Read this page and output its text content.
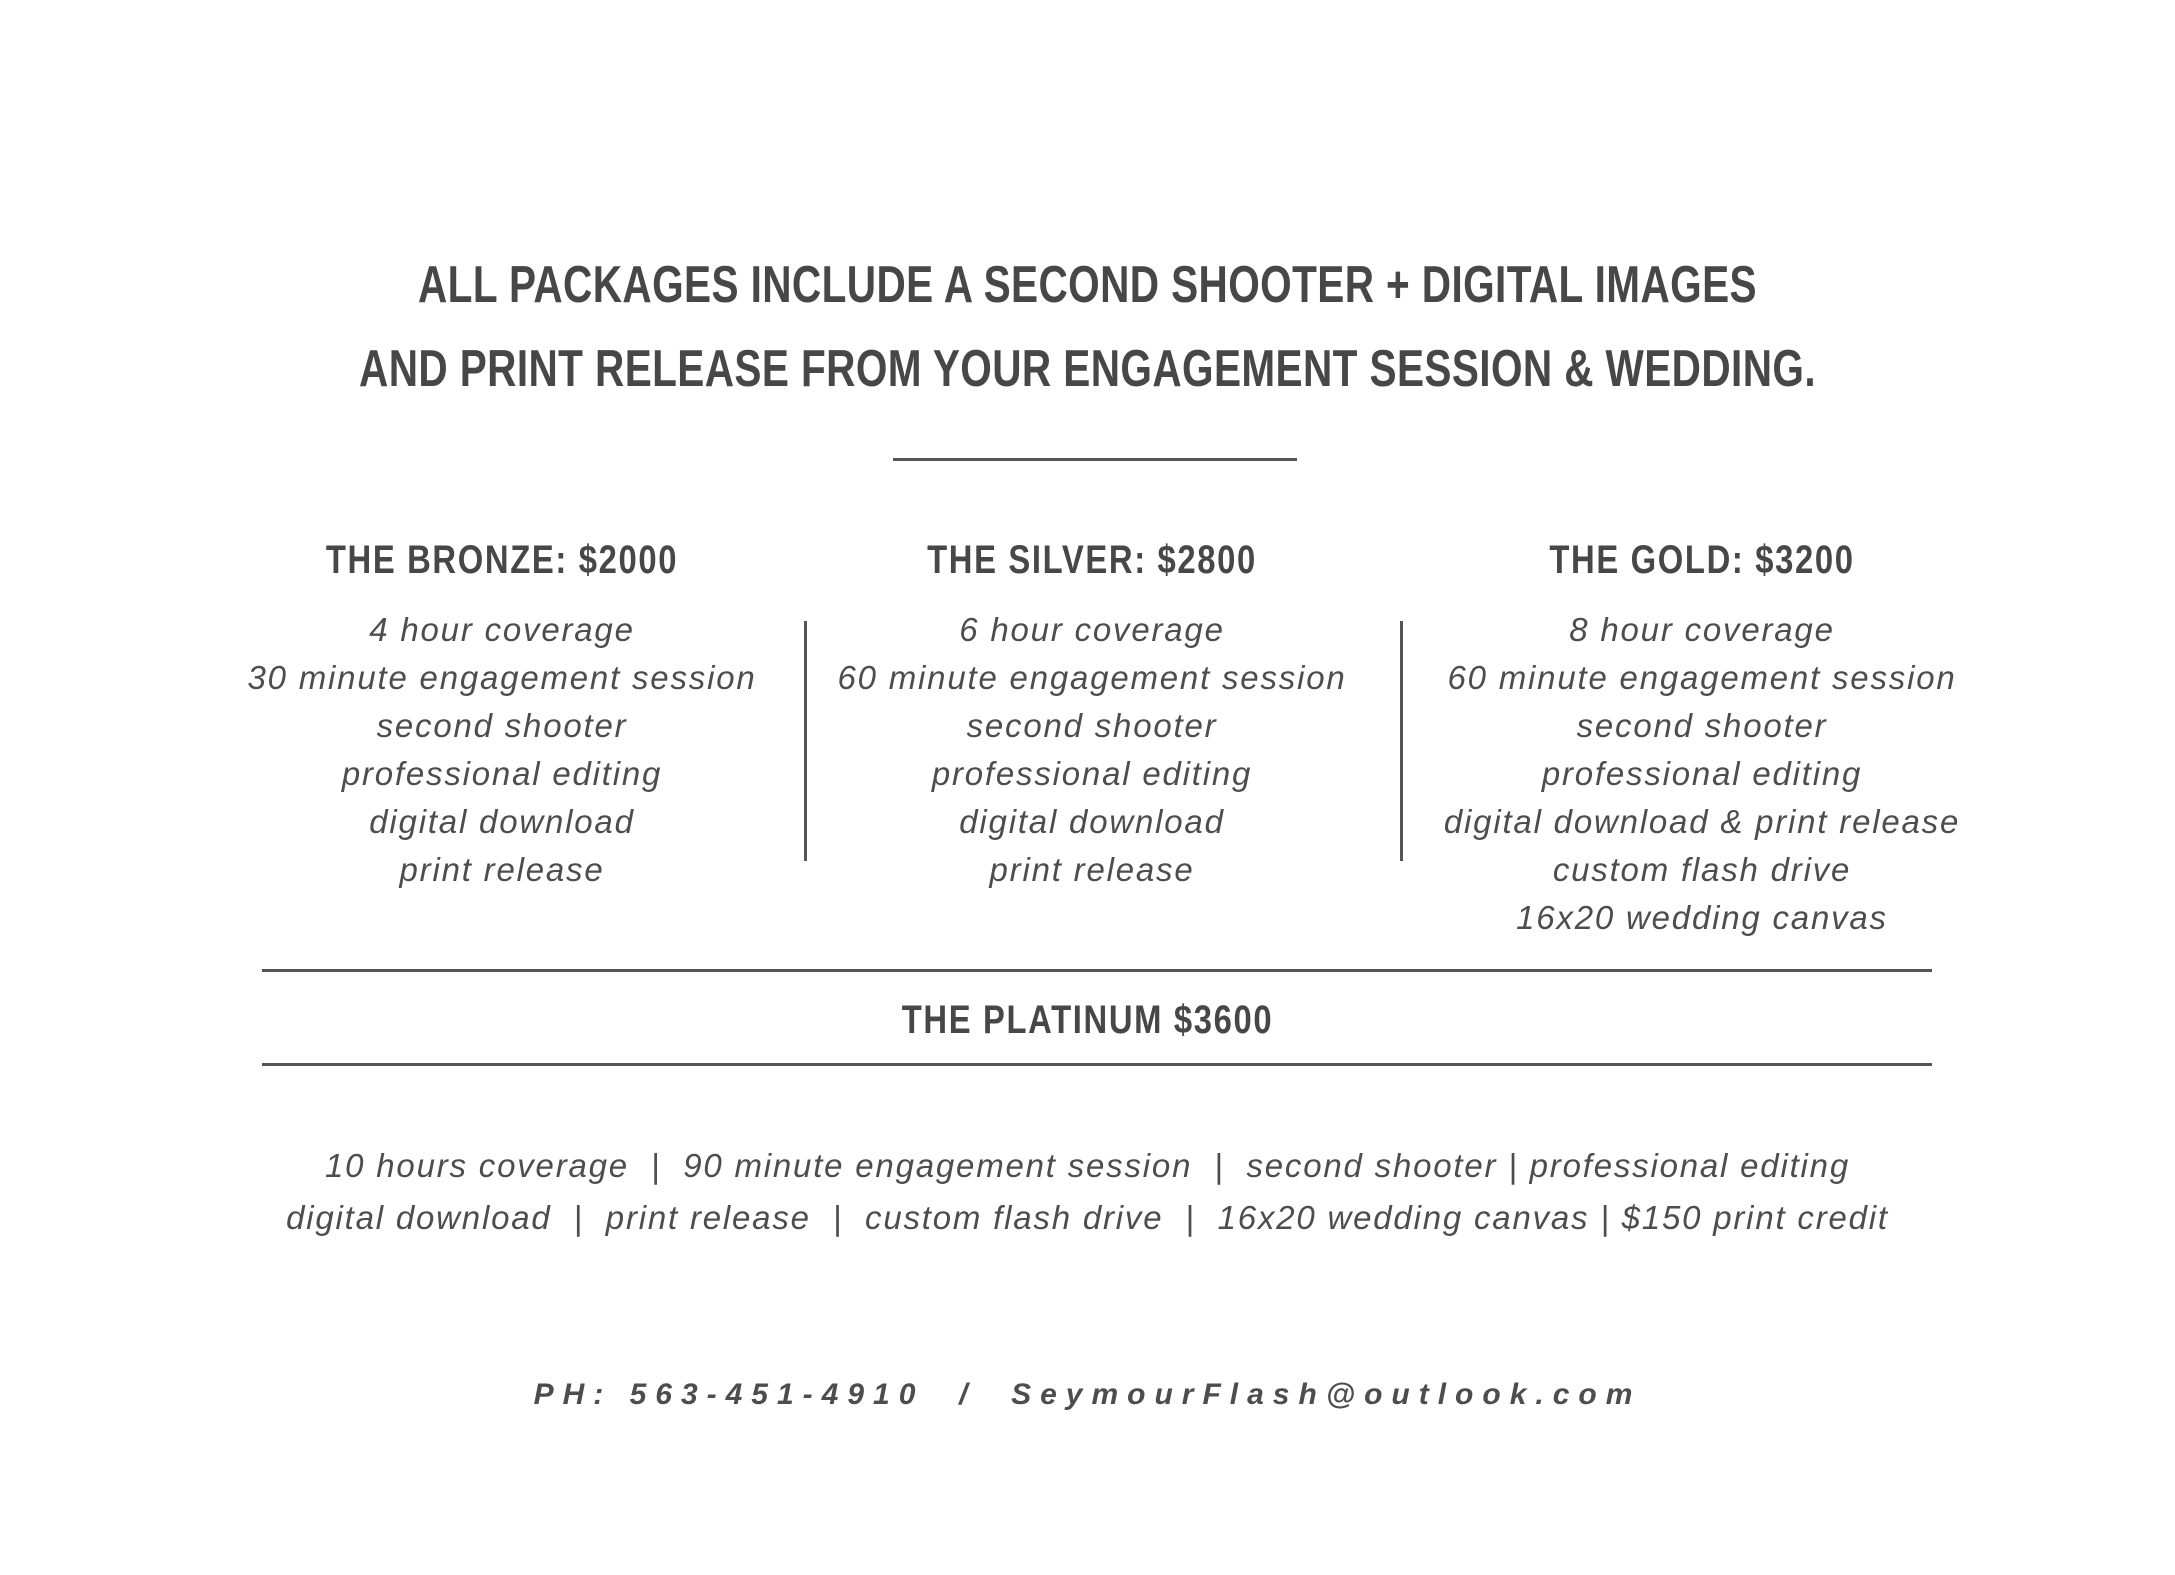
ALL PACKAGES INCLUDE A SECOND SHOOTER + DIGITAL IMAGES
AND PRINT RELEASE FROM YOUR ENGAGEMENT SESSION & WEDDING.
THE BRONZE: $2000
4 hour coverage
30 minute engagement session
second shooter
professional editing
digital download
print release
THE SILVER: $2800
6 hour coverage
60 minute engagement session
second shooter
professional editing
digital download
print release
THE GOLD: $3200
8 hour coverage
60 minute engagement session
second shooter
professional editing
digital download & print release
custom flash drive
16x20 wedding canvas
THE PLATINUM $3600
10 hours coverage  |  90 minute engagement session  |  second shooter | professional editing
digital download  |  print release  |  custom flash drive  |  16x20 wedding canvas | $150 print credit
PH: 563-451-4910  /  SeymourFlash@outlook.com
